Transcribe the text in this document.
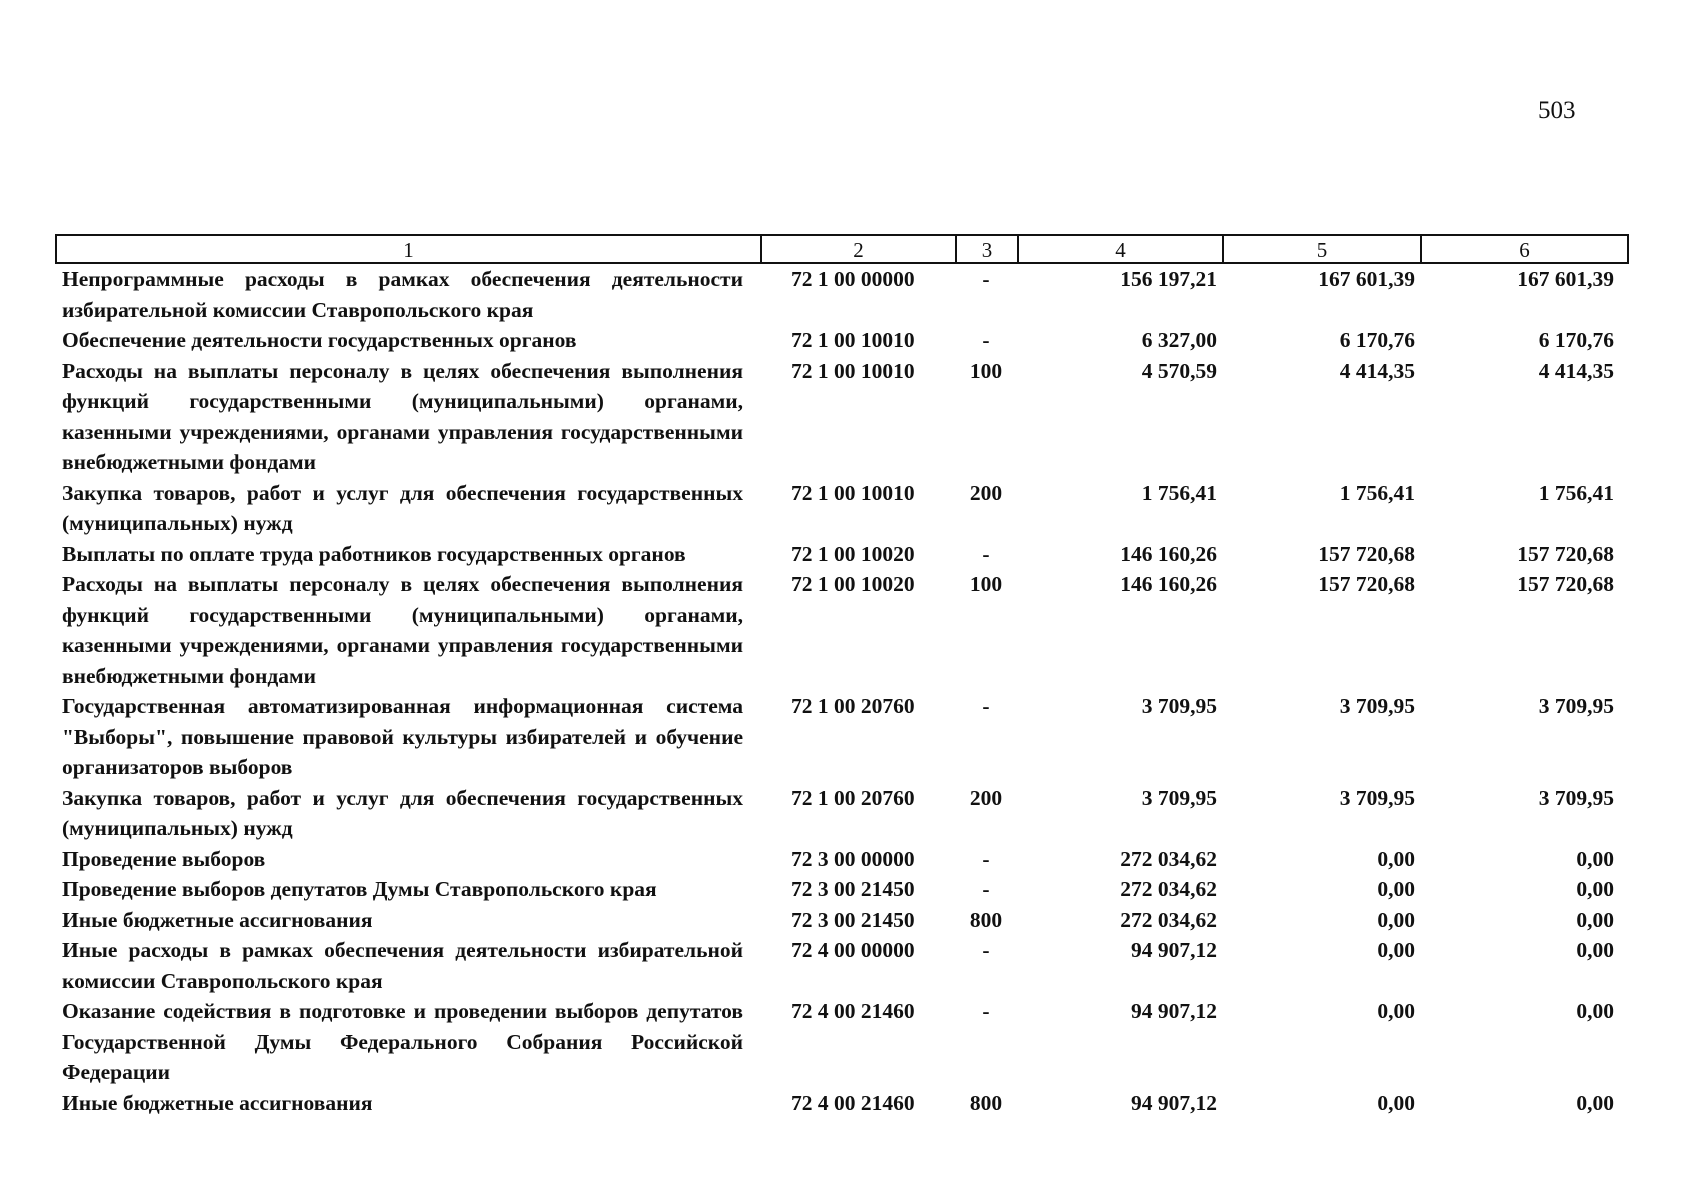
503
1	2	3	4	5	6
Непрограммные расходы в рамках обеспечения деятельности избирательной комиссии Ставропольского края	72 1 00 00000	-	156 197,21	167 601,39	167 601,39
Обеспечение деятельности государственных органов	72 1 00 10010	-	6 327,00	6 170,76	6 170,76
Расходы на выплаты персоналу в целях обеспечения выполнения функций государственными (муниципальными) органами, казенными учреждениями, органами управления государственными внебюджетными фондами	72 1 00 10010	100	4 570,59	4 414,35	4 414,35
Закупка товаров, работ и услуг для обеспечения государственных (муниципальных) нужд	72 1 00 10010	200	1 756,41	1 756,41	1 756,41
Выплаты по оплате труда работников государственных органов	72 1 00 10020	-	146 160,26	157 720,68	157 720,68
Расходы на выплаты персоналу в целях обеспечения выполнения функций государственными (муниципальными) органами, казенными учреждениями, органами управления государственными внебюджетными фондами	72 1 00 10020	100	146 160,26	157 720,68	157 720,68
Государственная автоматизированная информационная система "Выборы", повышение правовой культуры избирателей и обучение организаторов выборов	72 1 00 20760	-	3 709,95	3 709,95	3 709,95
Закупка товаров, работ и услуг для обеспечения государственных (муниципальных) нужд	72 1 00 20760	200	3 709,95	3 709,95	3 709,95
Проведение выборов	72 3 00 00000	-	272 034,62	0,00	0,00
Проведение выборов депутатов Думы Ставропольского края	72 3 00 21450	-	272 034,62	0,00	0,00
Иные бюджетные ассигнования	72 3 00 21450	800	272 034,62	0,00	0,00
Иные расходы в рамках обеспечения деятельности избирательной комиссии Ставропольского края	72 4 00 00000	-	94 907,12	0,00	0,00
Оказание содействия в подготовке и проведении выборов депутатов Государственной Думы Федерального Собрания Российской Федерации	72 4 00 21460	-	94 907,12	0,00	0,00
Иные бюджетные ассигнования	72 4 00 21460	800	94 907,12	0,00	0,00
